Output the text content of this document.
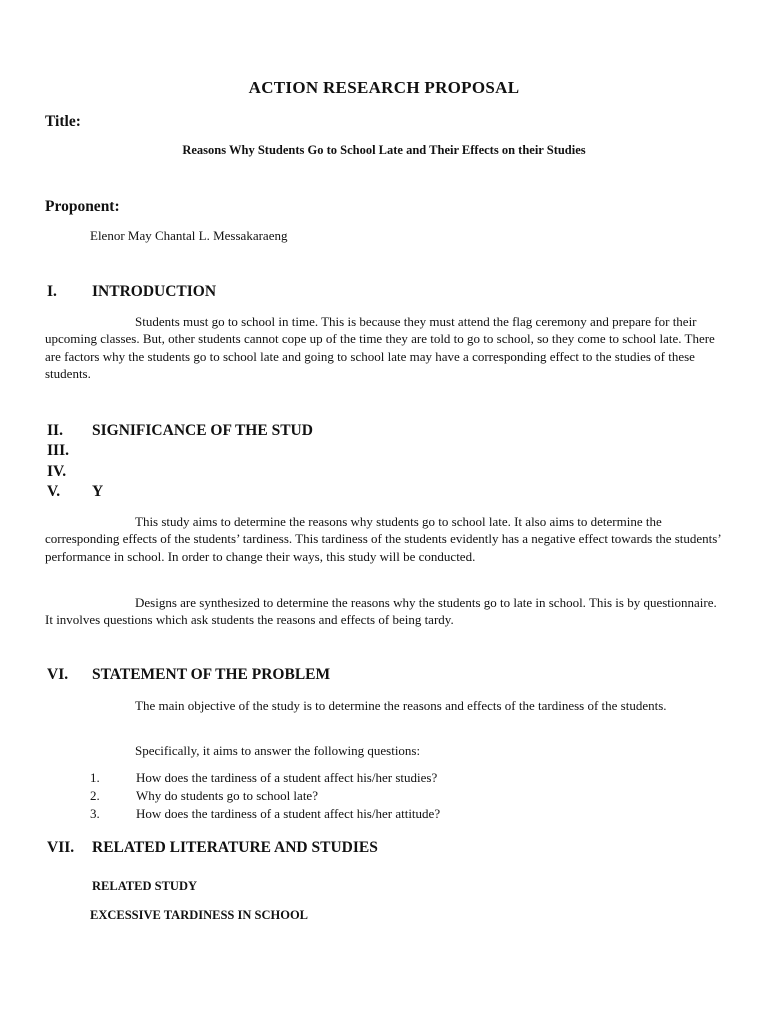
ACTION RESEARCH PROPOSAL
Title:
Reasons Why Students Go to School Late and Their Effects on their Studies
Proponent:
Elenor May Chantal L. Messakaraeng
I. INTRODUCTION

Students must go to school in time. This is because they must attend the flag ceremony and prepare for their upcoming classes. But, other students cannot cope up of the time they are told to go to school, so they come to school late. There are factors why the students go to school late and going to school late may have a corresponding effect to the studies of these students.

II. SIGNIFICANCE OF THE STUD
III.
IV.
V. Y

This study aims to determine the reasons why students go to school late. It also aims to determine the corresponding effects of the students’ tardiness. This tardiness of the students evidently has a negative effect towards the students’ performance in school. In order to change their ways, this study will be conducted.

Designs are synthesized to determine the reasons why the students go to late in school. This is by questionnaire. It involves questions which ask students the reasons and effects of being tardy.

VI. STATEMENT OF THE PROBLEM

The main objective of the study is to determine the reasons and effects of the tardiness of the students.

Specifically, it aims to answer the following questions:

1.	How does the tardiness of a student affect his/her studies?
2.	Why do students go to school late?
3.	How does the tardiness of a student affect his/her attitude?
VII. RELATED LITERATURE AND STUDIES
RELATED STUDY
EXCESSIVE TARDINESS IN SCHOOL
